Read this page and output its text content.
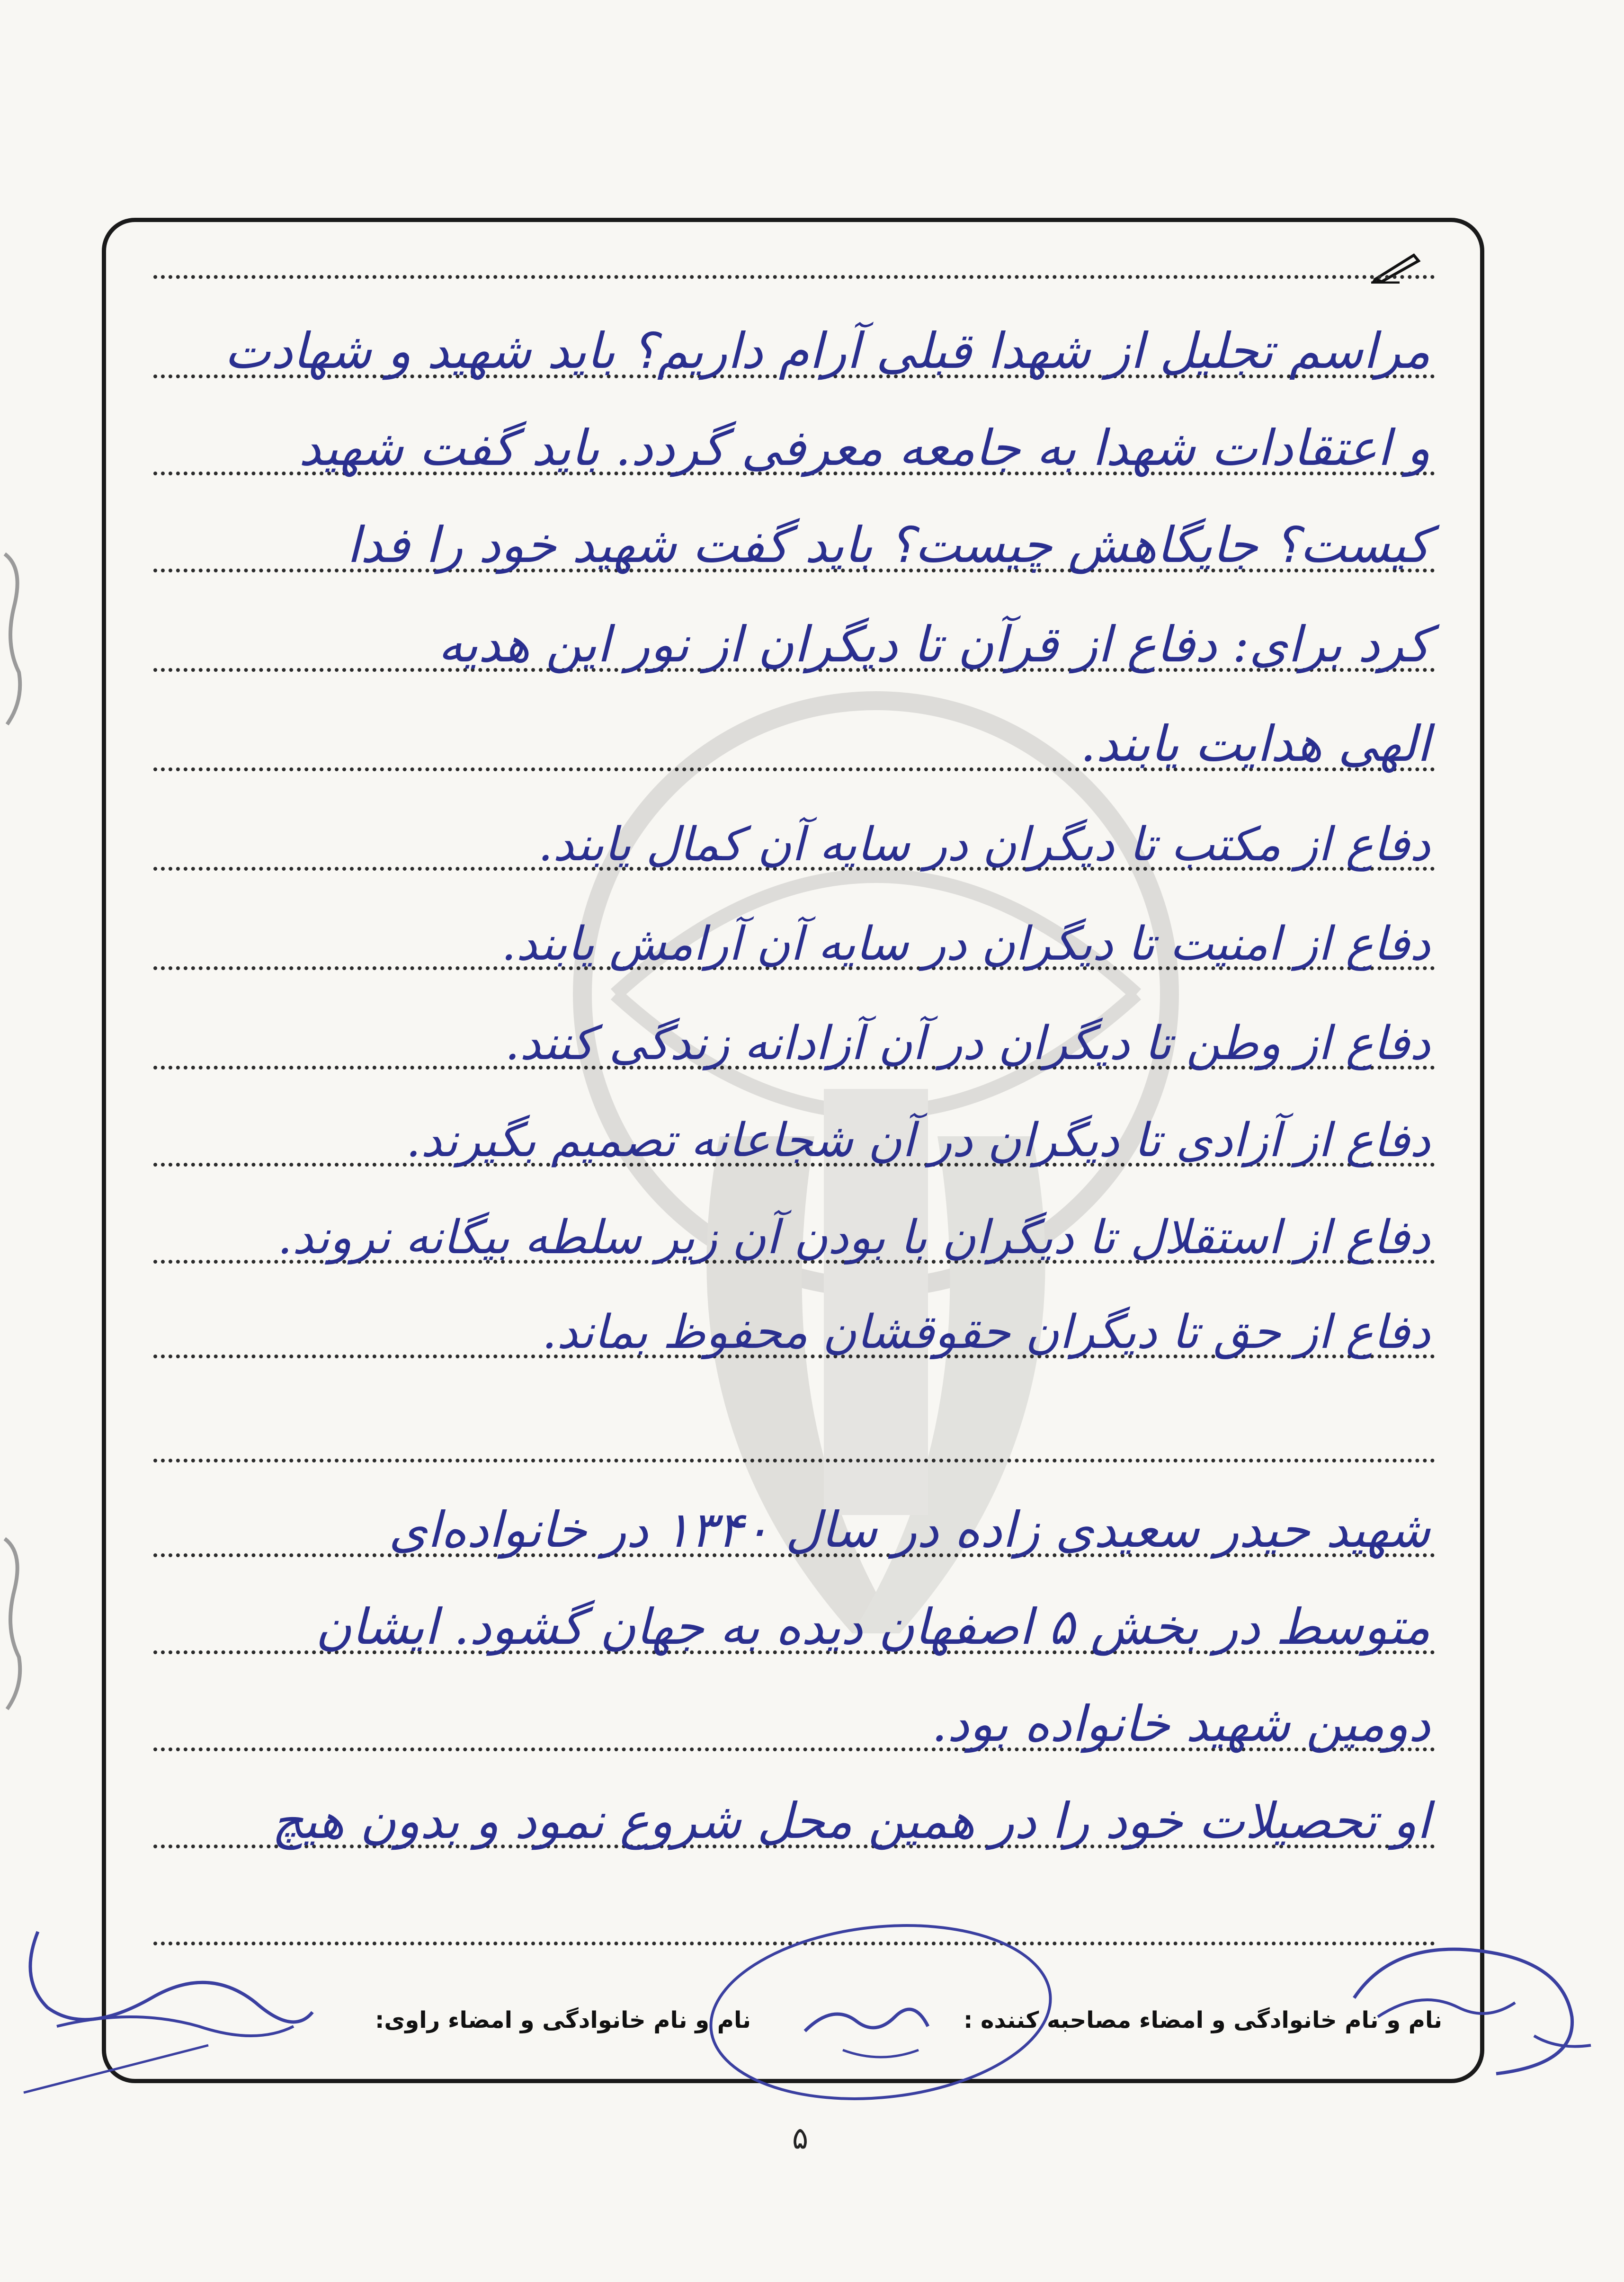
مراسم تجلیل از شهدا قبلی آرام داریم؟ باید شهید و شهادت
و اعتقادات شهدا به جامعه معرفی گردد. باید گفت شهید
کیست؟ جایگاهش چیست؟ باید گفت شهید خود را فدا
کرد برای: دفاع از قرآن تا دیگران از نور این هدیه
الهی هدایت یابند.
دفاع از مکتب تا دیگران در سایه آن کمال یابند.
دفاع از امنیت تا دیگران در سایه آن آرامش یابند.
دفاع از وطن تا دیگران در آن آزادانه زندگی کنند.
دفاع از آزادی تا دیگران در آن شجاعانه تصمیم بگیرند.
دفاع از استقلال تا دیگران با بودن آن زیر سلطه بیگانه نروند.
دفاع از حق تا دیگران حقوقشان محفوظ بماند.
شهید حیدر سعیدی زاده در سال ۱۳۴۰ در خانواده‌ای
متوسط در بخش ۵ اصفهان دیده به جهان گشود. ایشان
دومین شهید خانواده بود.
او تحصیلات خود را در همین محل شروع نمود و بدون هیچ
نام و نام خانوادگی و امضاء مصاحبه کننده :
نام و نام خانوادگی و امضاء راوی:
۵
